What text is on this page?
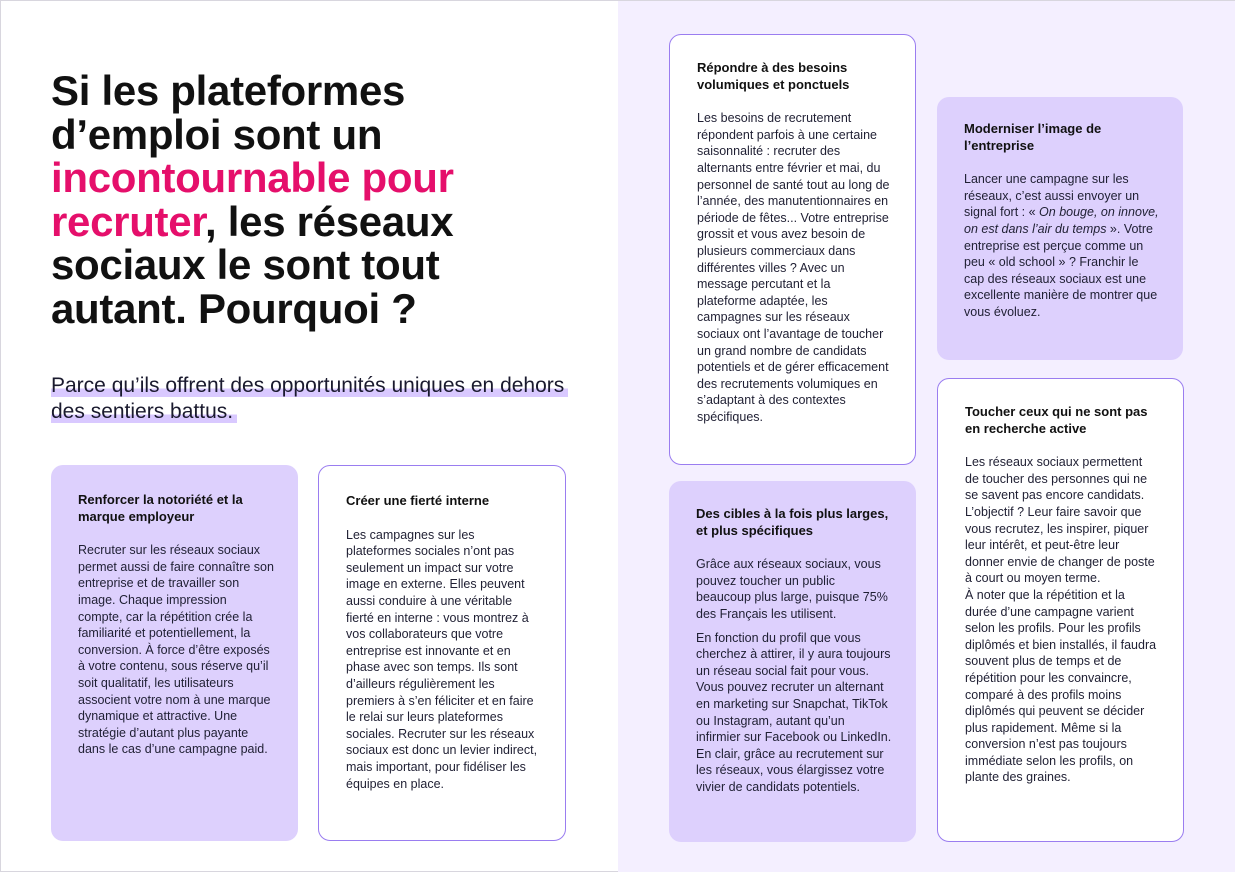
Si les plateformes d’emploi sont un incontournable pour recruter, les réseaux sociaux le sont tout autant. Pourquoi ?
Parce qu’ils offrent des opportunités uniques en dehors des sentiers battus.
Renforcer la notoriété et la marque employeur

Recruter sur les réseaux sociaux permet aussi de faire connaître son entreprise et de travailler son image. Chaque impression compte, car la répétition crée la familiarité et potentiellement, la conversion. À force d’être exposés à votre contenu, sous réserve qu’il soit qualitatif, les utilisateurs associent votre nom à une marque dynamique et attractive. Une stratégie d’autant plus payante dans le cas d’une campagne paid.

Créer une fierté interne

Les campagnes sur les plateformes sociales n’ont pas seulement un impact sur votre image en externe. Elles peuvent aussi conduire à une véritable fierté en interne : vous montrez à vos collaborateurs que votre entreprise est innovante et en phase avec son temps. Ils sont d’ailleurs régulièrement les premiers à s’en féliciter et en faire le relai sur leurs plateformes sociales. Recruter sur les réseaux sociaux est donc un levier indirect, mais important, pour fidéliser les équipes en place.

Répondre à des besoins volumiques et ponctuels

Les besoins de recrutement répondent parfois à une certaine saisonnalité : recruter des alternants entre février et mai, du personnel de santé tout au long de l’année, des manutentionnaires en période de fêtes... Votre entreprise grossit et vous avez besoin de plusieurs commerciaux dans différentes villes ? Avec un message percutant et la plateforme adaptée, les campagnes sur les réseaux sociaux ont l’avantage de toucher un grand nombre de candidats potentiels et de gérer efficacement des recrutements volumiques en s’adaptant à des contextes spécifiques.

Des cibles à la fois plus larges, et plus spécifiques

Grâce aux réseaux sociaux, vous pouvez toucher un public beaucoup plus large, puisque 75% des Français les utilisent.

En fonction du profil que vous cherchez à attirer, il y aura toujours un réseau social fait pour vous. Vous pouvez recruter un alternant en marketing sur Snapchat, TikTok ou Instagram, autant qu’un infirmier sur Facebook ou LinkedIn. En clair, grâce au recrutement sur les réseaux, vous élargissez votre vivier de candidats potentiels.

Moderniser l’image de l’entreprise

Lancer une campagne sur les réseaux, c’est aussi envoyer un signal fort : « On bouge, on innove, on est dans l’air du temps ». Votre entreprise est perçue comme un peu « old school » ? Franchir le cap des réseaux sociaux est une excellente manière de montrer que vous évoluez.

Toucher ceux qui ne sont pas en recherche active

Les réseaux sociaux permettent de toucher des personnes qui ne se savent pas encore candidats. L’objectif ? Leur faire savoir que vous recrutez, les inspirer, piquer leur intérêt, et peut-être leur donner envie de changer de poste à court ou moyen terme.
À noter que la répétition et la durée d’une campagne varient selon les profils. Pour les profils diplômés et bien installés, il faudra souvent plus de temps et de répétition pour les convaincre, comparé à des profils moins diplômés qui peuvent se décider plus rapidement. Même si la conversion n’est pas toujours immédiate selon les profils, on plante des graines.
